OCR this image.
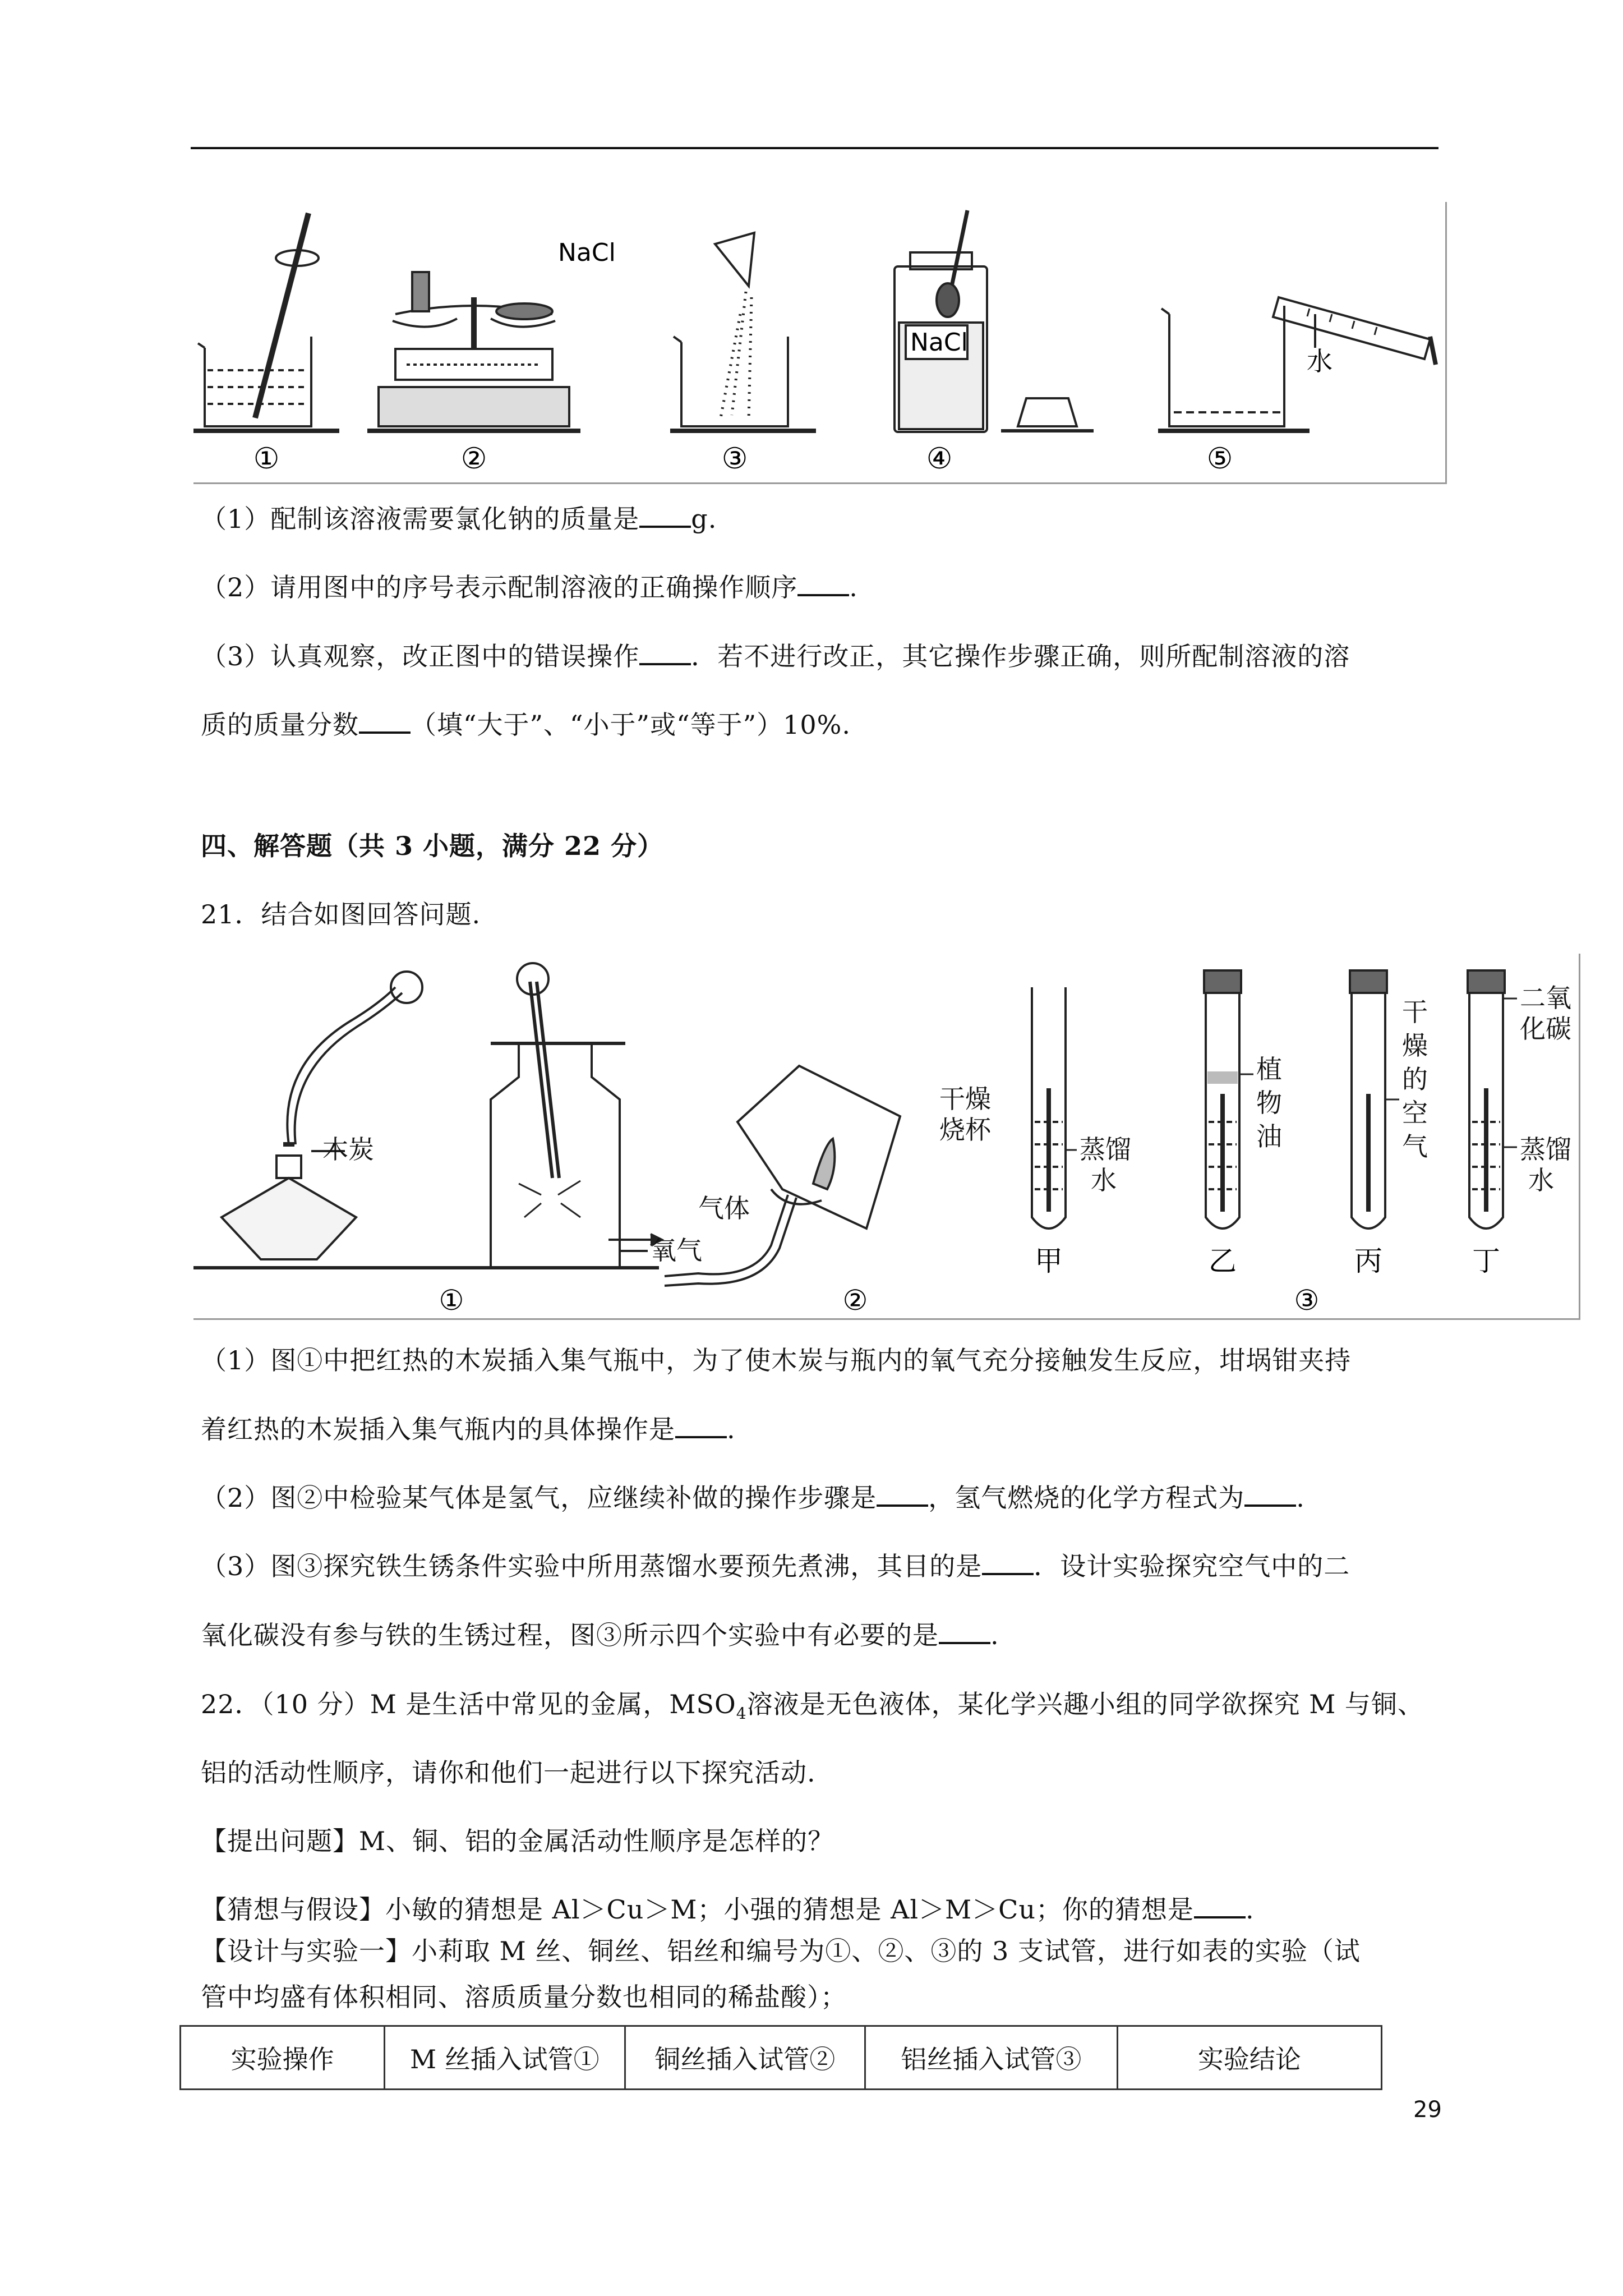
NaCl
NaCl
水
①	②	③	④	⑤
（1）配制该溶液需要氯化钠的质量是 g.
（2）请用图中的序号表示配制溶液的正确操作顺序 .
（3）认真观察，改正图中的错误操作 ．若不进行改正，其它操作步骤正确，则所配制溶液的溶
质的质量分数 （填“大于”、“小于”或“等于”）10%.
四、解答题（共 3 小题，满分 22 分）
21．结合如图回答问题.
木炭
氧气
气体
干燥
烧杯
蒸馏
水
植
物
油
干
燥
的
空
气
二氧
化碳
蒸馏
水
甲	乙	丙	丁
①	②	③
（1）图①中把红热的木炭插入集气瓶中，为了使木炭与瓶内的氧气充分接触发生反应，坩埚钳夹持
着红热的木炭插入集气瓶内的具体操作是 .
（2）图②中检验某气体是氢气，应继续补做的操作步骤是 ，氢气燃烧的化学方程式为 .
（3）图③探究铁生锈条件实验中所用蒸馏水要预先煮沸，其目的是 ．设计实验探究空气中的二
氧化碳没有参与铁的生锈过程，图③所示四个实验中有必要的是 .
22．（10 分）M 是生活中常见的金属，$MSO_4$溶液是无色液体，某化学兴趣小组的同学欲探究 M 与铜、
铝的活动性顺序，请你和他们一起进行以下探究活动.
【提出问题】M、铜、铝的金属活动性顺序是怎样的？
【猜想与假设】小敏的猜想是 Al＞Cu＞M；小强的猜想是 Al＞M＞Cu；你的猜想是 .
【设计与实验一】小莉取 M 丝、铜丝、铝丝和编号为①、②、③的 3 支试管，进行如表的实验（试
管中均盛有体积相同、溶质质量分数也相同的稀盐酸）；
实验操作	M 丝插入试管①	铜丝插入试管②	铝丝插入试管③	实验结论
29
